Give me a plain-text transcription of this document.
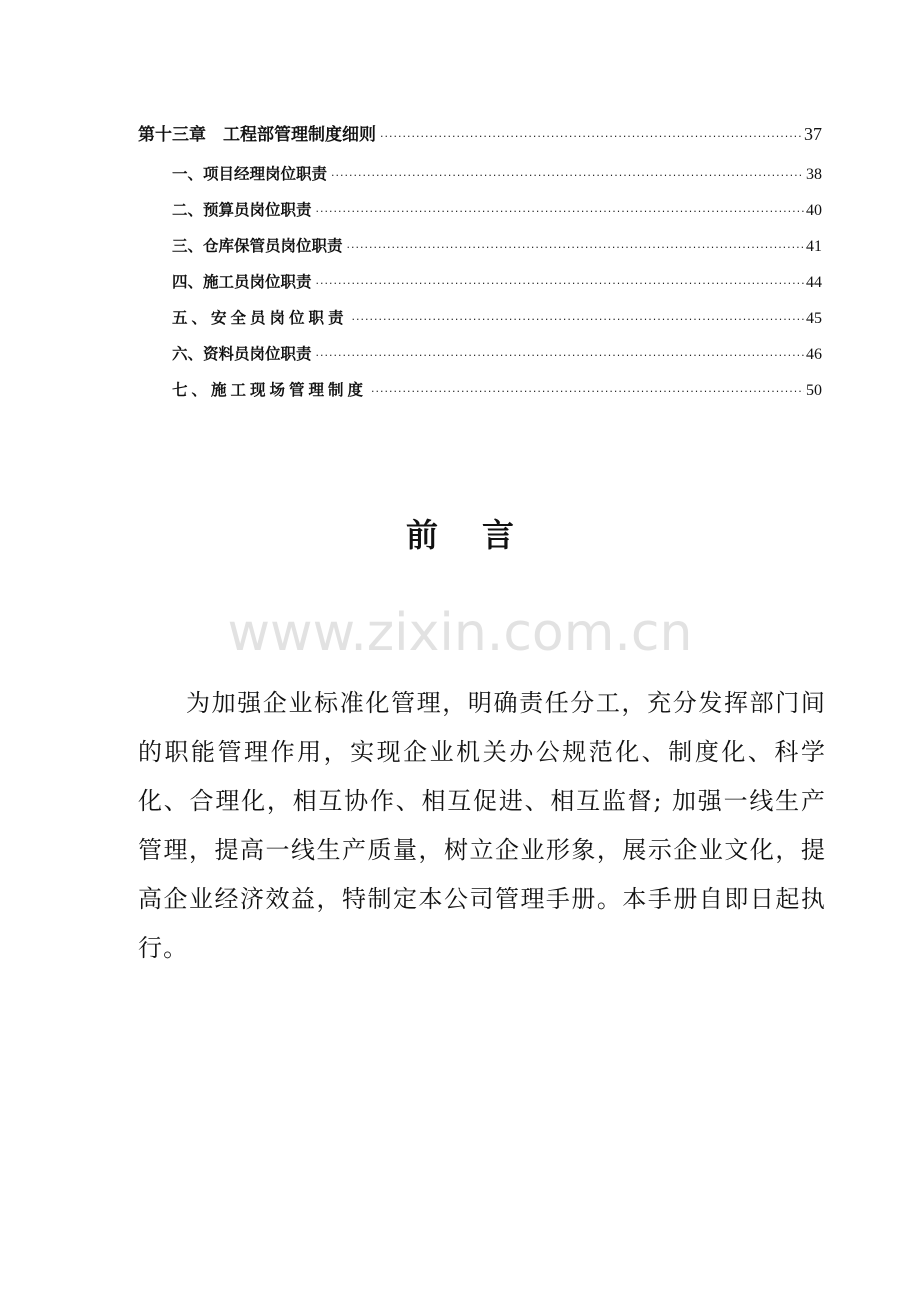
第十三章　工程部管理制度细则 ·····	37
一、项目经理岗位职责 ·····	38
二、预算员岗位职责 ·····	40
三、仓库保管员岗位职责 ·····	41
四、施工员岗位职责 ·····	44
五、安全员岗位职责 ·····	45
六、资料员岗位职责 ·····	46
七、施工现场管理制度 ·····	50
前言
www.zixin.com.cn

为加强企业标准化管理，明确责任分工，充分发挥部门间的职能管理作用，实现企业机关办公规范化、制度化、科学化、合理化，相互协作、相互促进、相互监督; 加强一线生产管理，提高一线生产质量，树立企业形象，展示企业文化，提高企业经济效益，特制定本公司管理手册。本手册自即日起执行。
